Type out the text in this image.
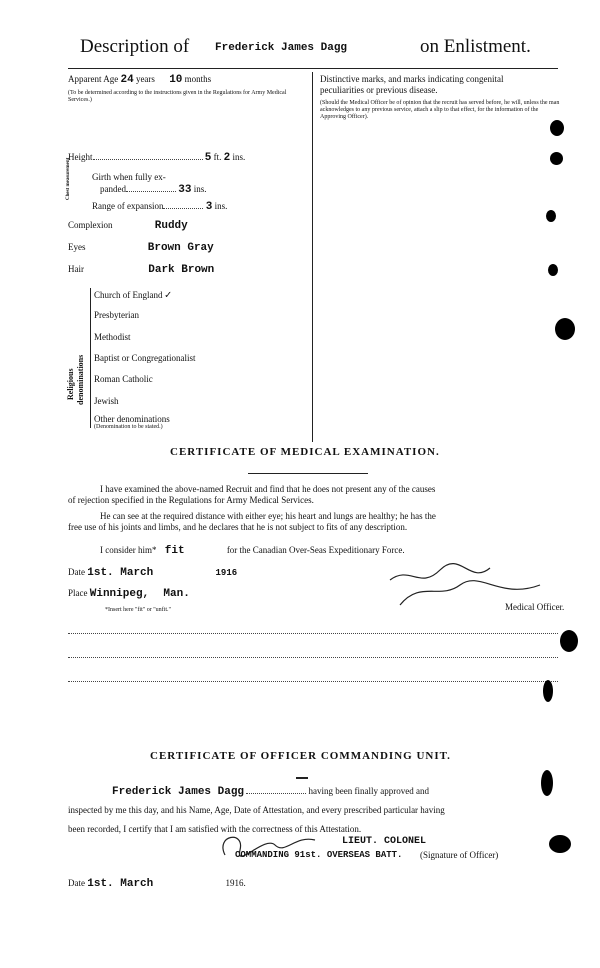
Description of Frederick James Dagg	on Enlistment.
Apparent Age 24 years 10 months
(To be determined according to the instructions given in the Regulations for Army Medical Services.)
Height	5 ft. 2 ins.
Chest measurement Girth when fully ex-
panded	33 ins.
Range of expansion	3 ins.
Complexion	Ruddy
Eyes	Brown Gray
Hair	Dark Brown
Religious denominations
Church of England ✓
Presbyterian
Methodist
Baptist or Congregationalist
Roman Catholic
Jewish
Other denominations
(Denomination to be stated.)
Distinctive marks, and marks indicating congenital
peculiarities or previous disease.
(Should the Medical Officer be of opinion that the recruit has served before, he will, unless the man acknowledges to any previous service, attach a slip to that effect, for the information of the Approving Officer).
CERTIFICATE OF MEDICAL EXAMINATION.
I have examined the above-named Recruit and find that he does not present any of the causes
of rejection specified in the Regulations for Army Medical Services.
He can see at the required distance with either eye; his heart and lungs are healthy; he has the
free use of his joints and limbs, and he declares that he is not subject to fits of any description.
I consider him* fit	for the Canadian Over-Seas Expeditionary Force.
Date 1st. March	1916
Place Winnipeg, Man.
Medical Officer.
*Insert here "fit" or "unfit."
CERTIFICATE OF OFFICER COMMANDING UNIT.
Frederick James Dagg	having been finally approved and
inspected by me this day, and his Name, Age, Date of Attestation, and every prescribed particular having
been recorded, I certify that I am satisfied with the correctness of this Attestation.
LIEUT. COLONEL
COMMANDING 91st. OVERSEAS BATT. (Signature of Officer)
Date 1st. March	1916.
